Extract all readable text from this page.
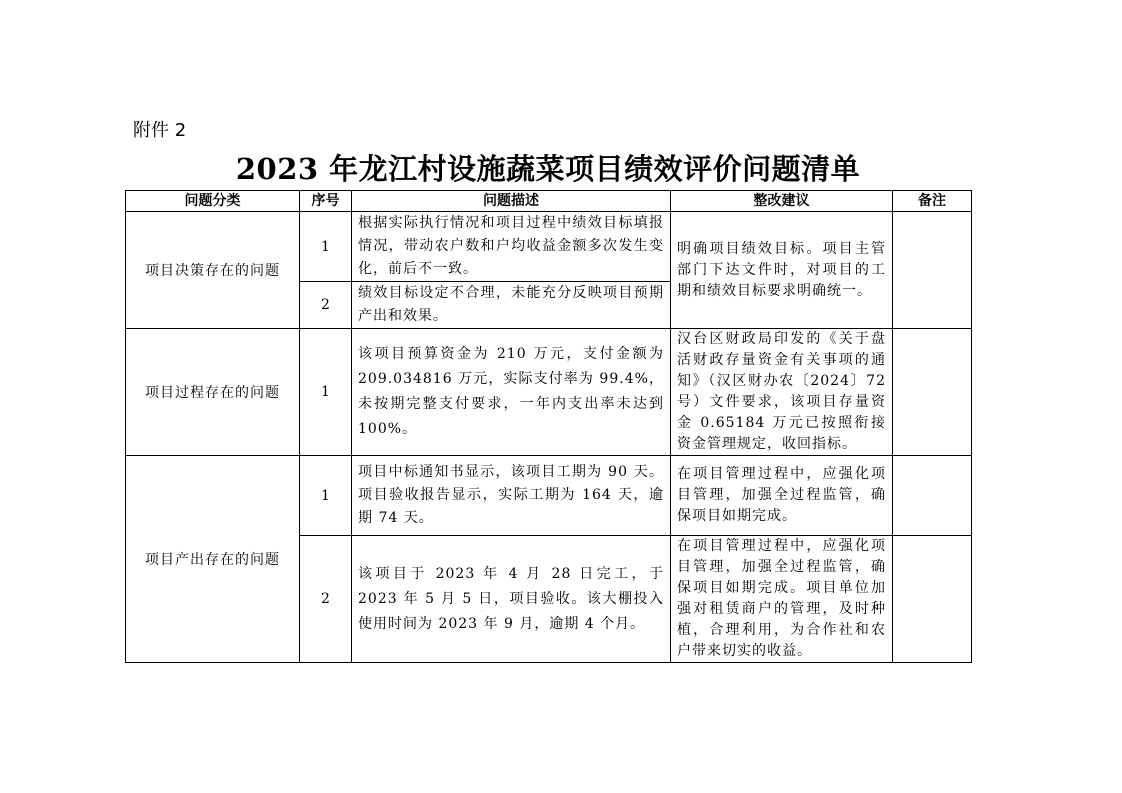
附件 2
2023 年龙江村设施蔬菜项目绩效评价问题清单
问题分类	序号	问题描述	整改建议	备注
项目决策存在的问题	1	根据实际执行情况和项目过程中绩效目标填报情况，带动农户数和户均收益金额多次发生变化，前后不一致。	明确项目绩效目标。项目主管部门下达文件时，对项目的工期和绩效目标要求明确统一。	
	2	绩效目标设定不合理，未能充分反映项目预期产出和效果。		
项目过程存在的问题	1	该项目预算资金为 210 万元，支付金额为 209.034816 万元，实际支付率为 99.4%，未按期完整支付要求，一年内支出率未达到 100%。	汉台区财政局印发的《关于盘活财政存量资金有关事项的通知》（汉区财办农〔2024〕72 号）文件要求，该项目存量资金 0.65184 万元已按照衔接资金管理规定，收回指标。	
项目产出存在的问题	1	项目中标通知书显示，该项目工期为 90 天。项目验收报告显示，实际工期为 164 天，逾期 74 天。	在项目管理过程中，应强化项目管理，加强全过程监管，确保项目如期完成。	
	2	该项目于 2023 年 4 月 28 日完工，于 2023 年 5 月 5 日，项目验收。该大棚投入使用时间为 2023 年 9 月，逾期 4 个月。	在项目管理过程中，应强化项目管理，加强全过程监管，确保项目如期完成。项目单位加强对租赁商户的管理，及时种植，合理利用，为合作社和农户带来切实的收益。	
